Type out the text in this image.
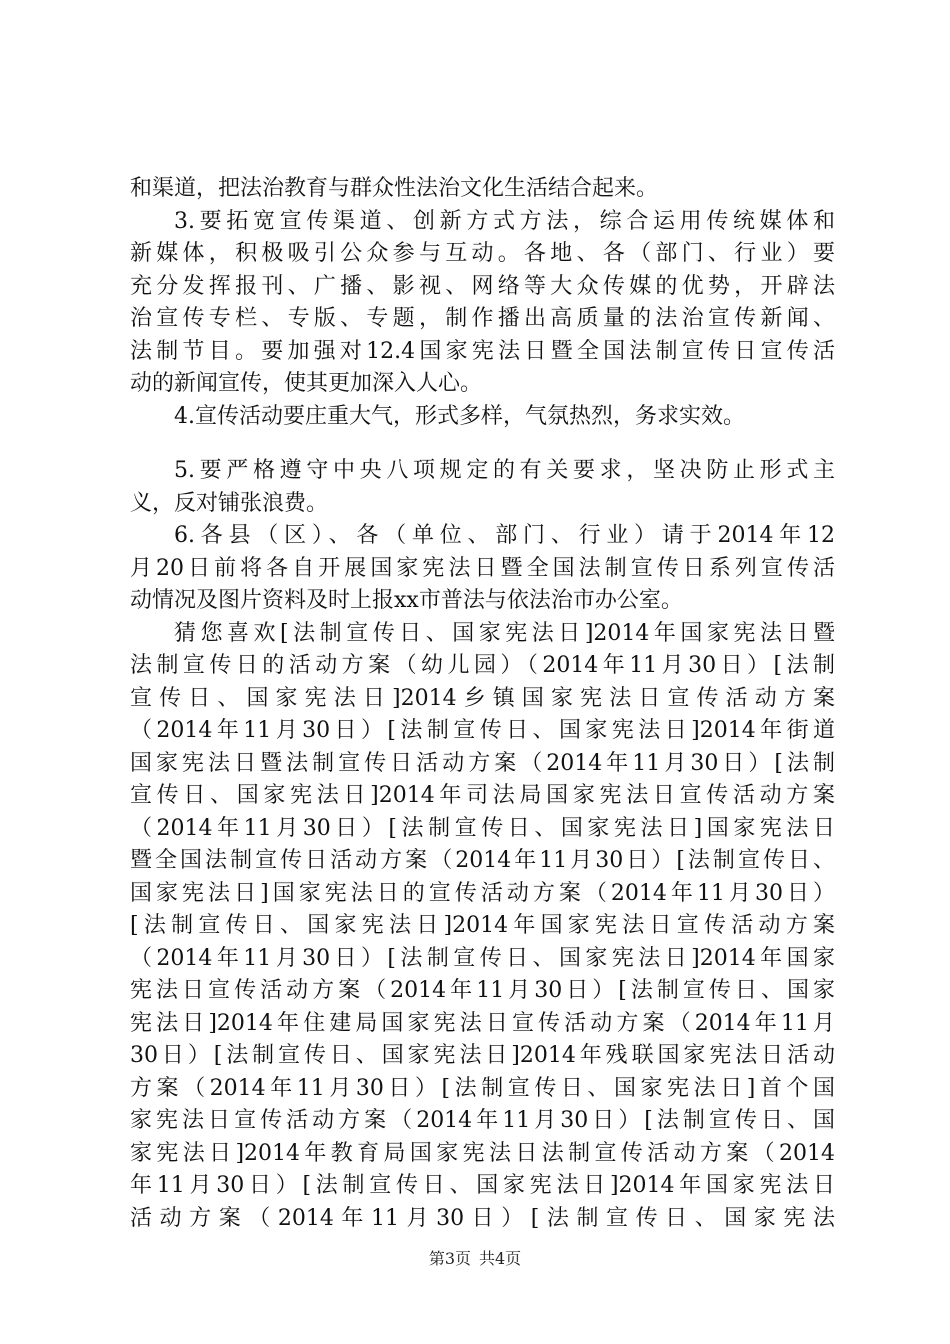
和渠道，把法治教育与群众性法治文化生活结合起来。
3.要拓宽宣传渠道、创新方式方法，综合运用传统媒体和
新媒体，积极吸引公众参与互动。各地、各（部门、行业）要
充分发挥报刊、广播、影视、网络等大众传媒的优势，开辟法
治宣传专栏、专版、专题，制作播出高质量的法治宣传新闻、
法制节目。要加强对12.4国家宪法日暨全国法制宣传日宣传活
动的新闻宣传，使其更加深入人心。
4.宣传活动要庄重大气，形式多样，气氛热烈，务求实效。
5.要严格遵守中央八项规定的有关要求，坚决防止形式主
义，反对铺张浪费。
6.各县（区）、各（单位、部门、行业）请于2014年12
月20日前将各自开展国家宪法日暨全国法制宣传日系列宣传活
动情况及图片资料及时上报xx市普法与依法治市办公室。
猜您喜欢[法制宣传日、国家宪法日]2014年国家宪法日暨
法制宣传日的活动方案（幼儿园）（2014年11月30日）[法制
宣传日、国家宪法日]2014乡镇国家宪法日宣传活动方案
（2014年11月30日）[法制宣传日、国家宪法日]2014年街道
国家宪法日暨法制宣传日活动方案（2014年11月30日）[法制
宣传日、国家宪法日]2014年司法局国家宪法日宣传活动方案
（2014年11月30日）[法制宣传日、国家宪法日]国家宪法日
暨全国法制宣传日活动方案（2014年11月30日）[法制宣传日、
国家宪法日]国家宪法日的宣传活动方案（2014年11月30日）
[法制宣传日、国家宪法日]2014年国家宪法日宣传活动方案
（2014年11月30日）[法制宣传日、国家宪法日]2014年国家
宪法日宣传活动方案（2014年11月30日）[法制宣传日、国家
宪法日]2014年住建局国家宪法日宣传活动方案（2014年11月
30日）[法制宣传日、国家宪法日]2014年残联国家宪法日活动
方案（2014年11月30日）[法制宣传日、国家宪法日]首个国
家宪法日宣传活动方案（2014年11月30日）[法制宣传日、国
家宪法日]2014年教育局国家宪法日法制宣传活动方案（2014
年11月30日）[法制宣传日、国家宪法日]2014年国家宪法日
活动方案（2014年11月30日）[法制宣传日、国家宪法
第3页 共4页
